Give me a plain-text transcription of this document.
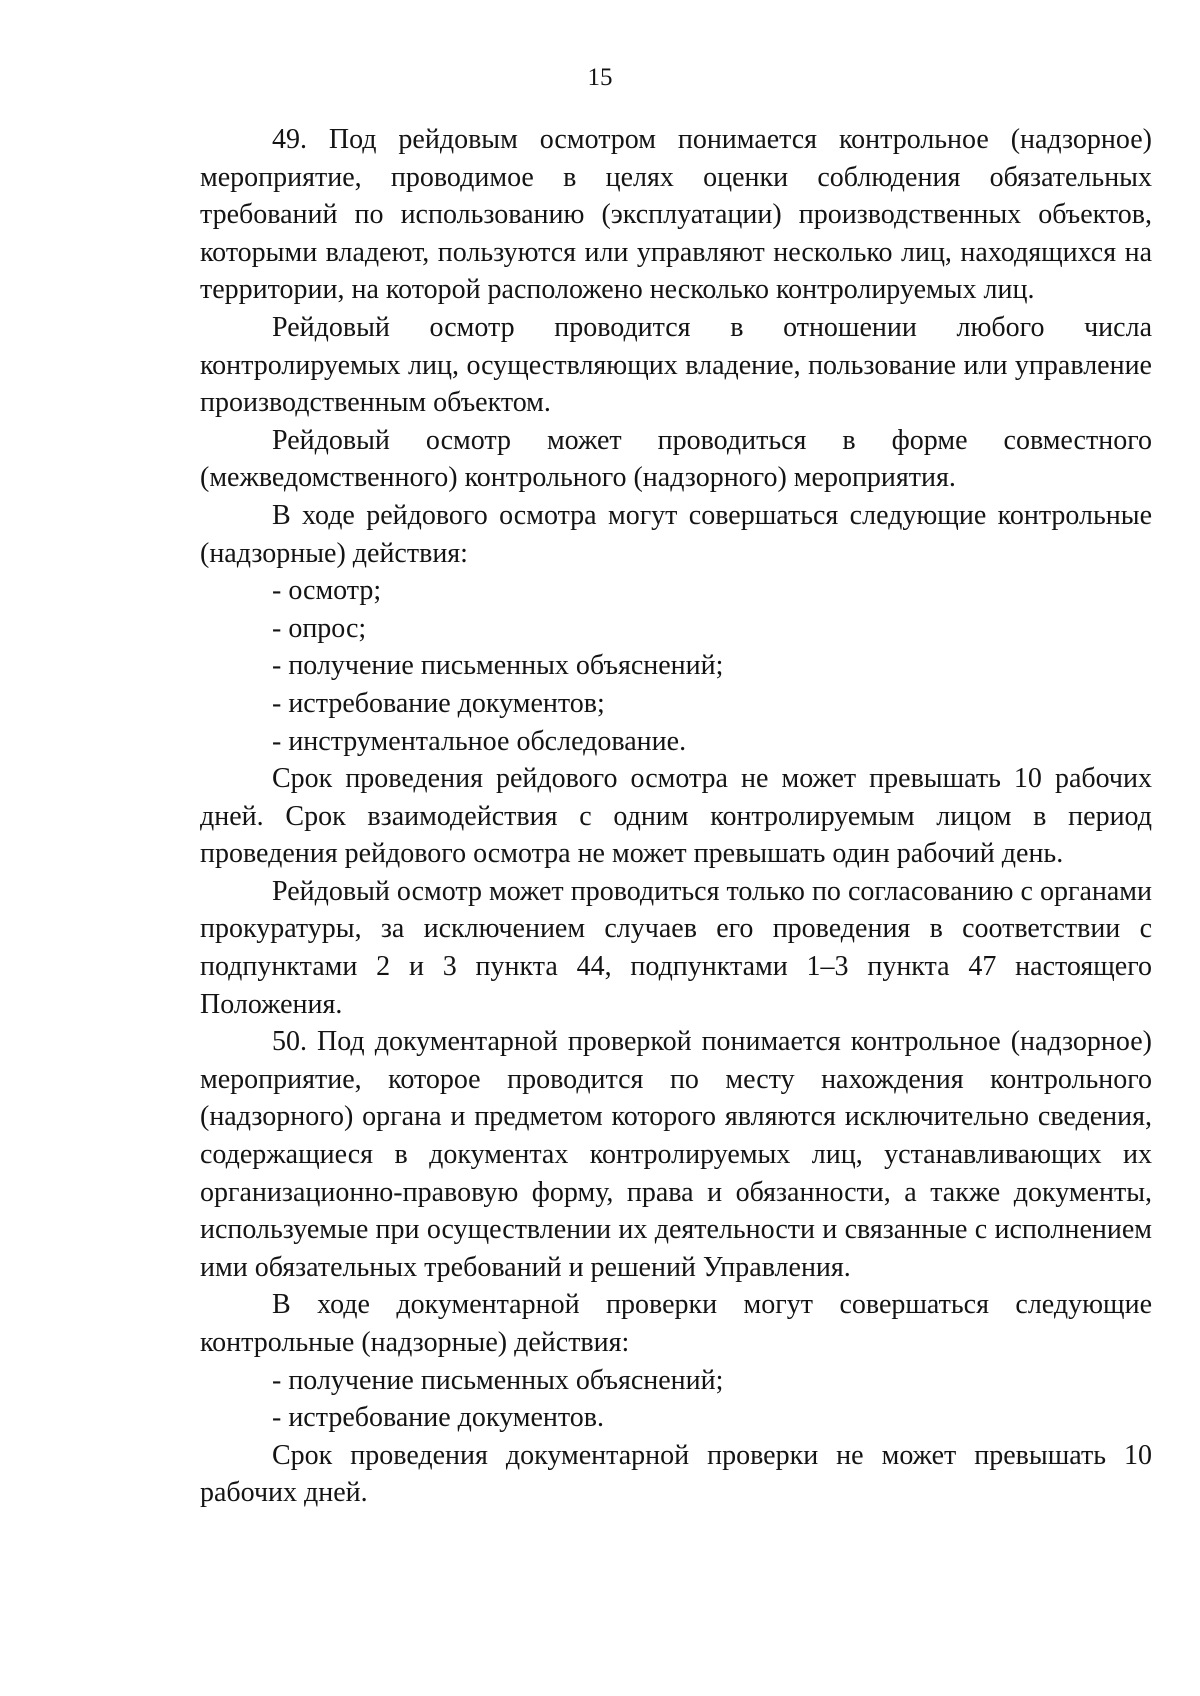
15

49. Под рейдовым осмотром понимается контрольное (надзорное) мероприятие, проводимое в целях оценки соблюдения обязательных требований по использованию (эксплуатации) производственных объектов, которыми владеют, пользуются или управляют несколько лиц, находящихся на территории, на которой расположено несколько контролируемых лиц.

Рейдовый осмотр проводится в отношении любого числа контролируемых лиц, осуществляющих владение, пользование или управление производственным объектом.

Рейдовый осмотр может проводиться в форме совместного (межведомственного) контрольного (надзорного) мероприятия.

В ходе рейдового осмотра могут совершаться следующие контрольные (надзорные) действия:

- осмотр;

- опрос;

- получение письменных объяснений;

- истребование документов;

- инструментальное обследование.

Срок проведения рейдового осмотра не может превышать 10 рабочих дней. Срок взаимодействия с одним контролируемым лицом в период проведения рейдового осмотра не может превышать один рабочий день.

Рейдовый осмотр может проводиться только по согласованию с органами прокуратуры, за исключением случаев его проведения в соответствии с подпунктами 2 и 3 пункта 44, подпунктами 1–3 пункта 47 настоящего Положения.

50. Под документарной проверкой понимается контрольное (надзорное) мероприятие, которое проводится по месту нахождения контрольного (надзорного) органа и предметом которого являются исключительно сведения, содержащиеся в документах контролируемых лиц, устанавливающих их организационно-правовую форму, права и обязанности, а также документы, используемые при осуществлении их деятельности и связанные с исполнением ими обязательных требований и решений Управления.

В ходе документарной проверки могут совершаться следующие контрольные (надзорные) действия:

- получение письменных объяснений;

- истребование документов.

Срок проведения документарной проверки не может превышать 10 рабочих дней.
